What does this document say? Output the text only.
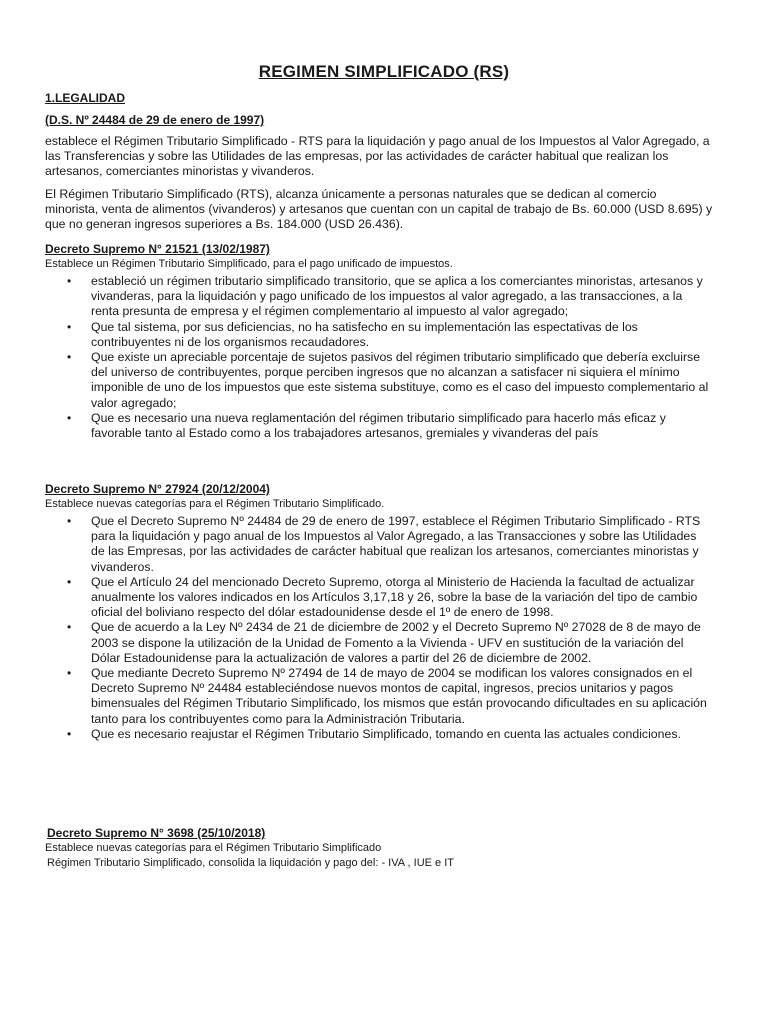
REGIMEN SIMPLIFICADO (RS)
1.LEGALIDAD
(D.S. Nº 24484 de 29 de enero de 1997)
establece el Régimen Tributario Simplificado - RTS para la liquidación y pago anual de los Impuestos al Valor Agregado, a las Transferencias y sobre las Utilidades de las empresas, por las actividades de carácter habitual que realizan los artesanos, comerciantes minoristas y vivanderos.
El Régimen Tributario Simplificado (RTS), alcanza únicamente a personas naturales que se dedican al comercio minorista, venta de alimentos (vivanderos) y artesanos que cuentan con un capital de trabajo de Bs. 60.000 (USD 8.695) y que no generan ingresos superiores a Bs. 184.000 (USD 26.436).
Decreto Supremo N° 21521 (13/02/1987)
Establece un Régimen Tributario Simplificado, para el pago unificado de impuestos.
• estableció un régimen tributario simplificado transitorio, que se aplica a los comerciantes minoristas, artesanos y vivanderas, para la liquidación y pago unificado de los impuestos al valor agregado, a las transacciones, a la renta presunta de empresa y el régimen complementario al impuesto al valor agregado;
• Que tal sistema, por sus deficiencias, no ha satisfecho en su implementación las espectativas de los contribuyentes ni de los organismos recaudadores.
• Que existe un apreciable porcentaje de sujetos pasivos del régimen tributario simplificado que debería excluirse del universo de contribuyentes, porque perciben ingresos que no alcanzan a satisfacer ni siquiera el mínimo imponible de uno de los impuestos que este sistema substituye, como es el caso del impuesto complementario al valor agregado;
• Que es necesario una nueva reglamentación del régimen tributario simplificado para hacerlo más eficaz y favorable tanto al Estado como a los trabajadores artesanos, gremiales y vivanderas del país
Decreto Supremo N° 27924 (20/12/2004)
Establece nuevas categorías para el Régimen Tributario Simplificado.
• Que el Decreto Supremo Nº 24484 de 29 de enero de 1997, establece el Régimen Tributario Simplificado - RTS para la liquidación y pago anual de los Impuestos al Valor Agregado, a las Transacciones y sobre las Utilidades de las Empresas, por las actividades de carácter habitual que realizan los artesanos, comerciantes minoristas y vivanderos.
• Que el Artículo 24 del mencionado Decreto Supremo, otorga al Ministerio de Hacienda la facultad de actualizar anualmente los valores indicados en los Artículos 3,17,18 y 26, sobre la base de la variación del tipo de cambio oficial del boliviano respecto del dólar estadounidense desde el 1º de enero de 1998.
• Que de acuerdo a la Ley Nº 2434 de 21 de diciembre de 2002 y el Decreto Supremo Nº 27028 de 8 de mayo de 2003 se dispone la utilización de la Unidad de Fomento a la Vivienda - UFV en sustitución de la variación del Dólar Estadounidense para la actualización de valores a partir del 26 de diciembre de 2002.
• Que mediante Decreto Supremo Nº 27494 de 14 de mayo de 2004 se modifican los valores consignados en el Decreto Supremo Nº 24484 estableciéndose nuevos montos de capital, ingresos, precios unitarios y pagos bimensuales del Régimen Tributario Simplificado, los mismos que están provocando dificultades en su aplicación tanto para los contribuyentes como para la Administración Tributaria.
• Que es necesario reajustar el Régimen Tributario Simplificado, tomando en cuenta las actuales condiciones.
Decreto Supremo N° 3698 (25/10/2018)
Establece nuevas categorías para el Régimen Tributario Simplificado
Régimen Tributario Simplificado, consolida la liquidación y pago del: - IVA , IUE e IT
